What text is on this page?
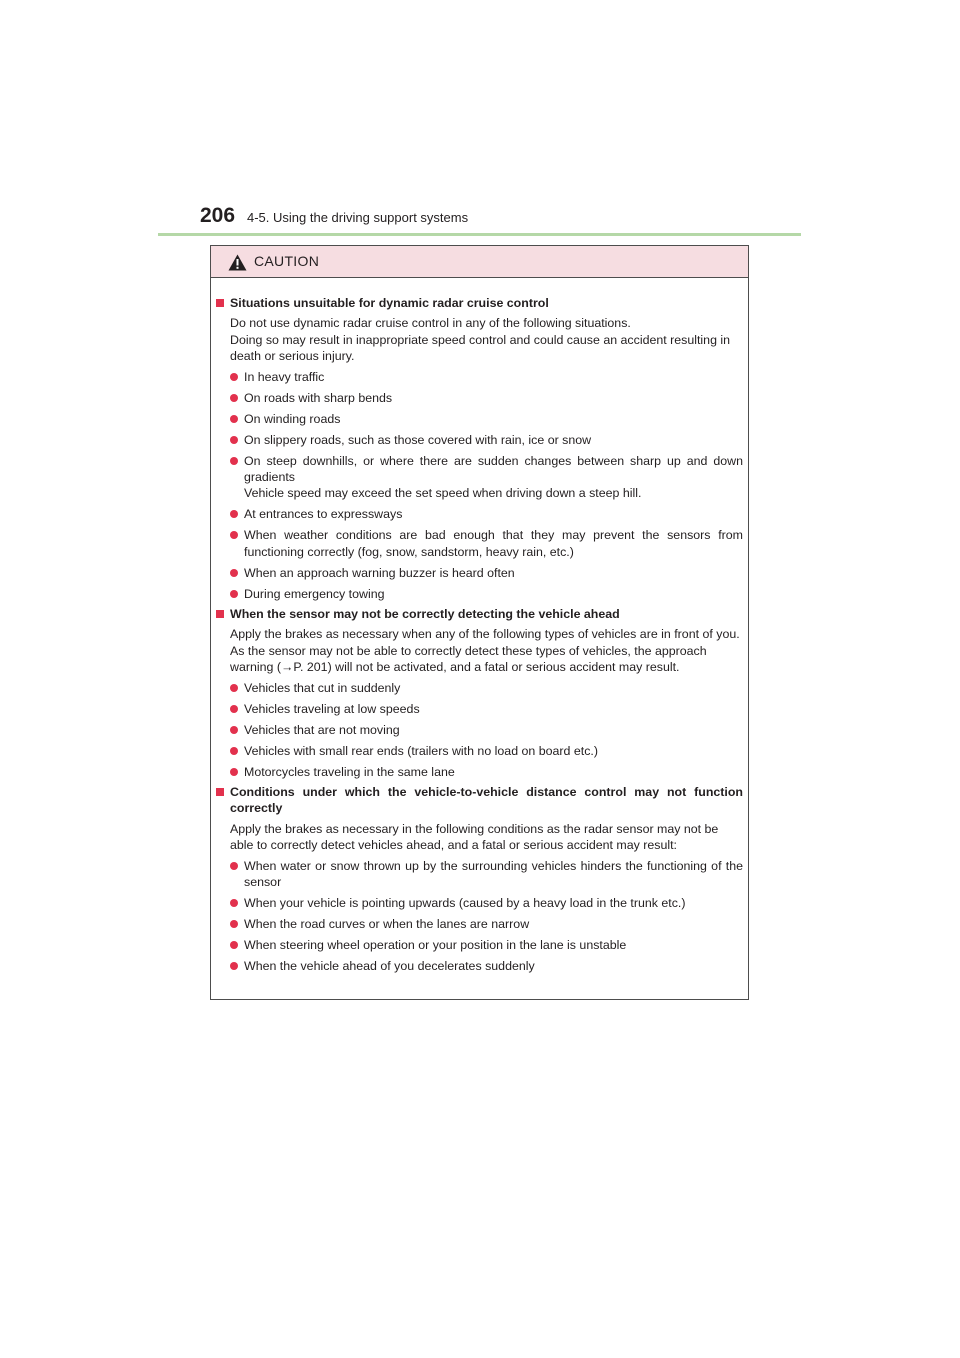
206 4-5. Using the driving support systems
CAUTION
Situations unsuitable for dynamic radar cruise control

Do not use dynamic radar cruise control in any of the following situations.

Doing so may result in inappropriate speed control and could cause an accident resulting in death or serious injury.

In heavy traffic
On roads with sharp bends
On winding roads
On slippery roads, such as those covered with rain, ice or snow
On steep downhills, or where there are sudden changes between sharp up and down gradients
Vehicle speed may exceed the set speed when driving down a steep hill.
At entrances to expressways
When weather conditions are bad enough that they may prevent the sensors from functioning correctly (fog, snow, sandstorm, heavy rain, etc.)
When an approach warning buzzer is heard often
During emergency towing
When the sensor may not be correctly detecting the vehicle ahead

Apply the brakes as necessary when any of the following types of vehicles are in front of you.

As the sensor may not be able to correctly detect these types of vehicles, the approach warning (→P. 201) will not be activated, and a fatal or serious accident may result.

Vehicles that cut in suddenly
Vehicles traveling at low speeds
Vehicles that are not moving
Vehicles with small rear ends (trailers with no load on board etc.)
Motorcycles traveling in the same lane
Conditions under which the vehicle-to-vehicle distance control may not function correctly

Apply the brakes as necessary in the following conditions as the radar sensor may not be able to correctly detect vehicles ahead, and a fatal or serious accident may result:

When water or snow thrown up by the surrounding vehicles hinders the functioning of the sensor
When your vehicle is pointing upwards (caused by a heavy load in the trunk etc.)
When the road curves or when the lanes are narrow
When steering wheel operation or your position in the lane is unstable
When the vehicle ahead of you decelerates suddenly
